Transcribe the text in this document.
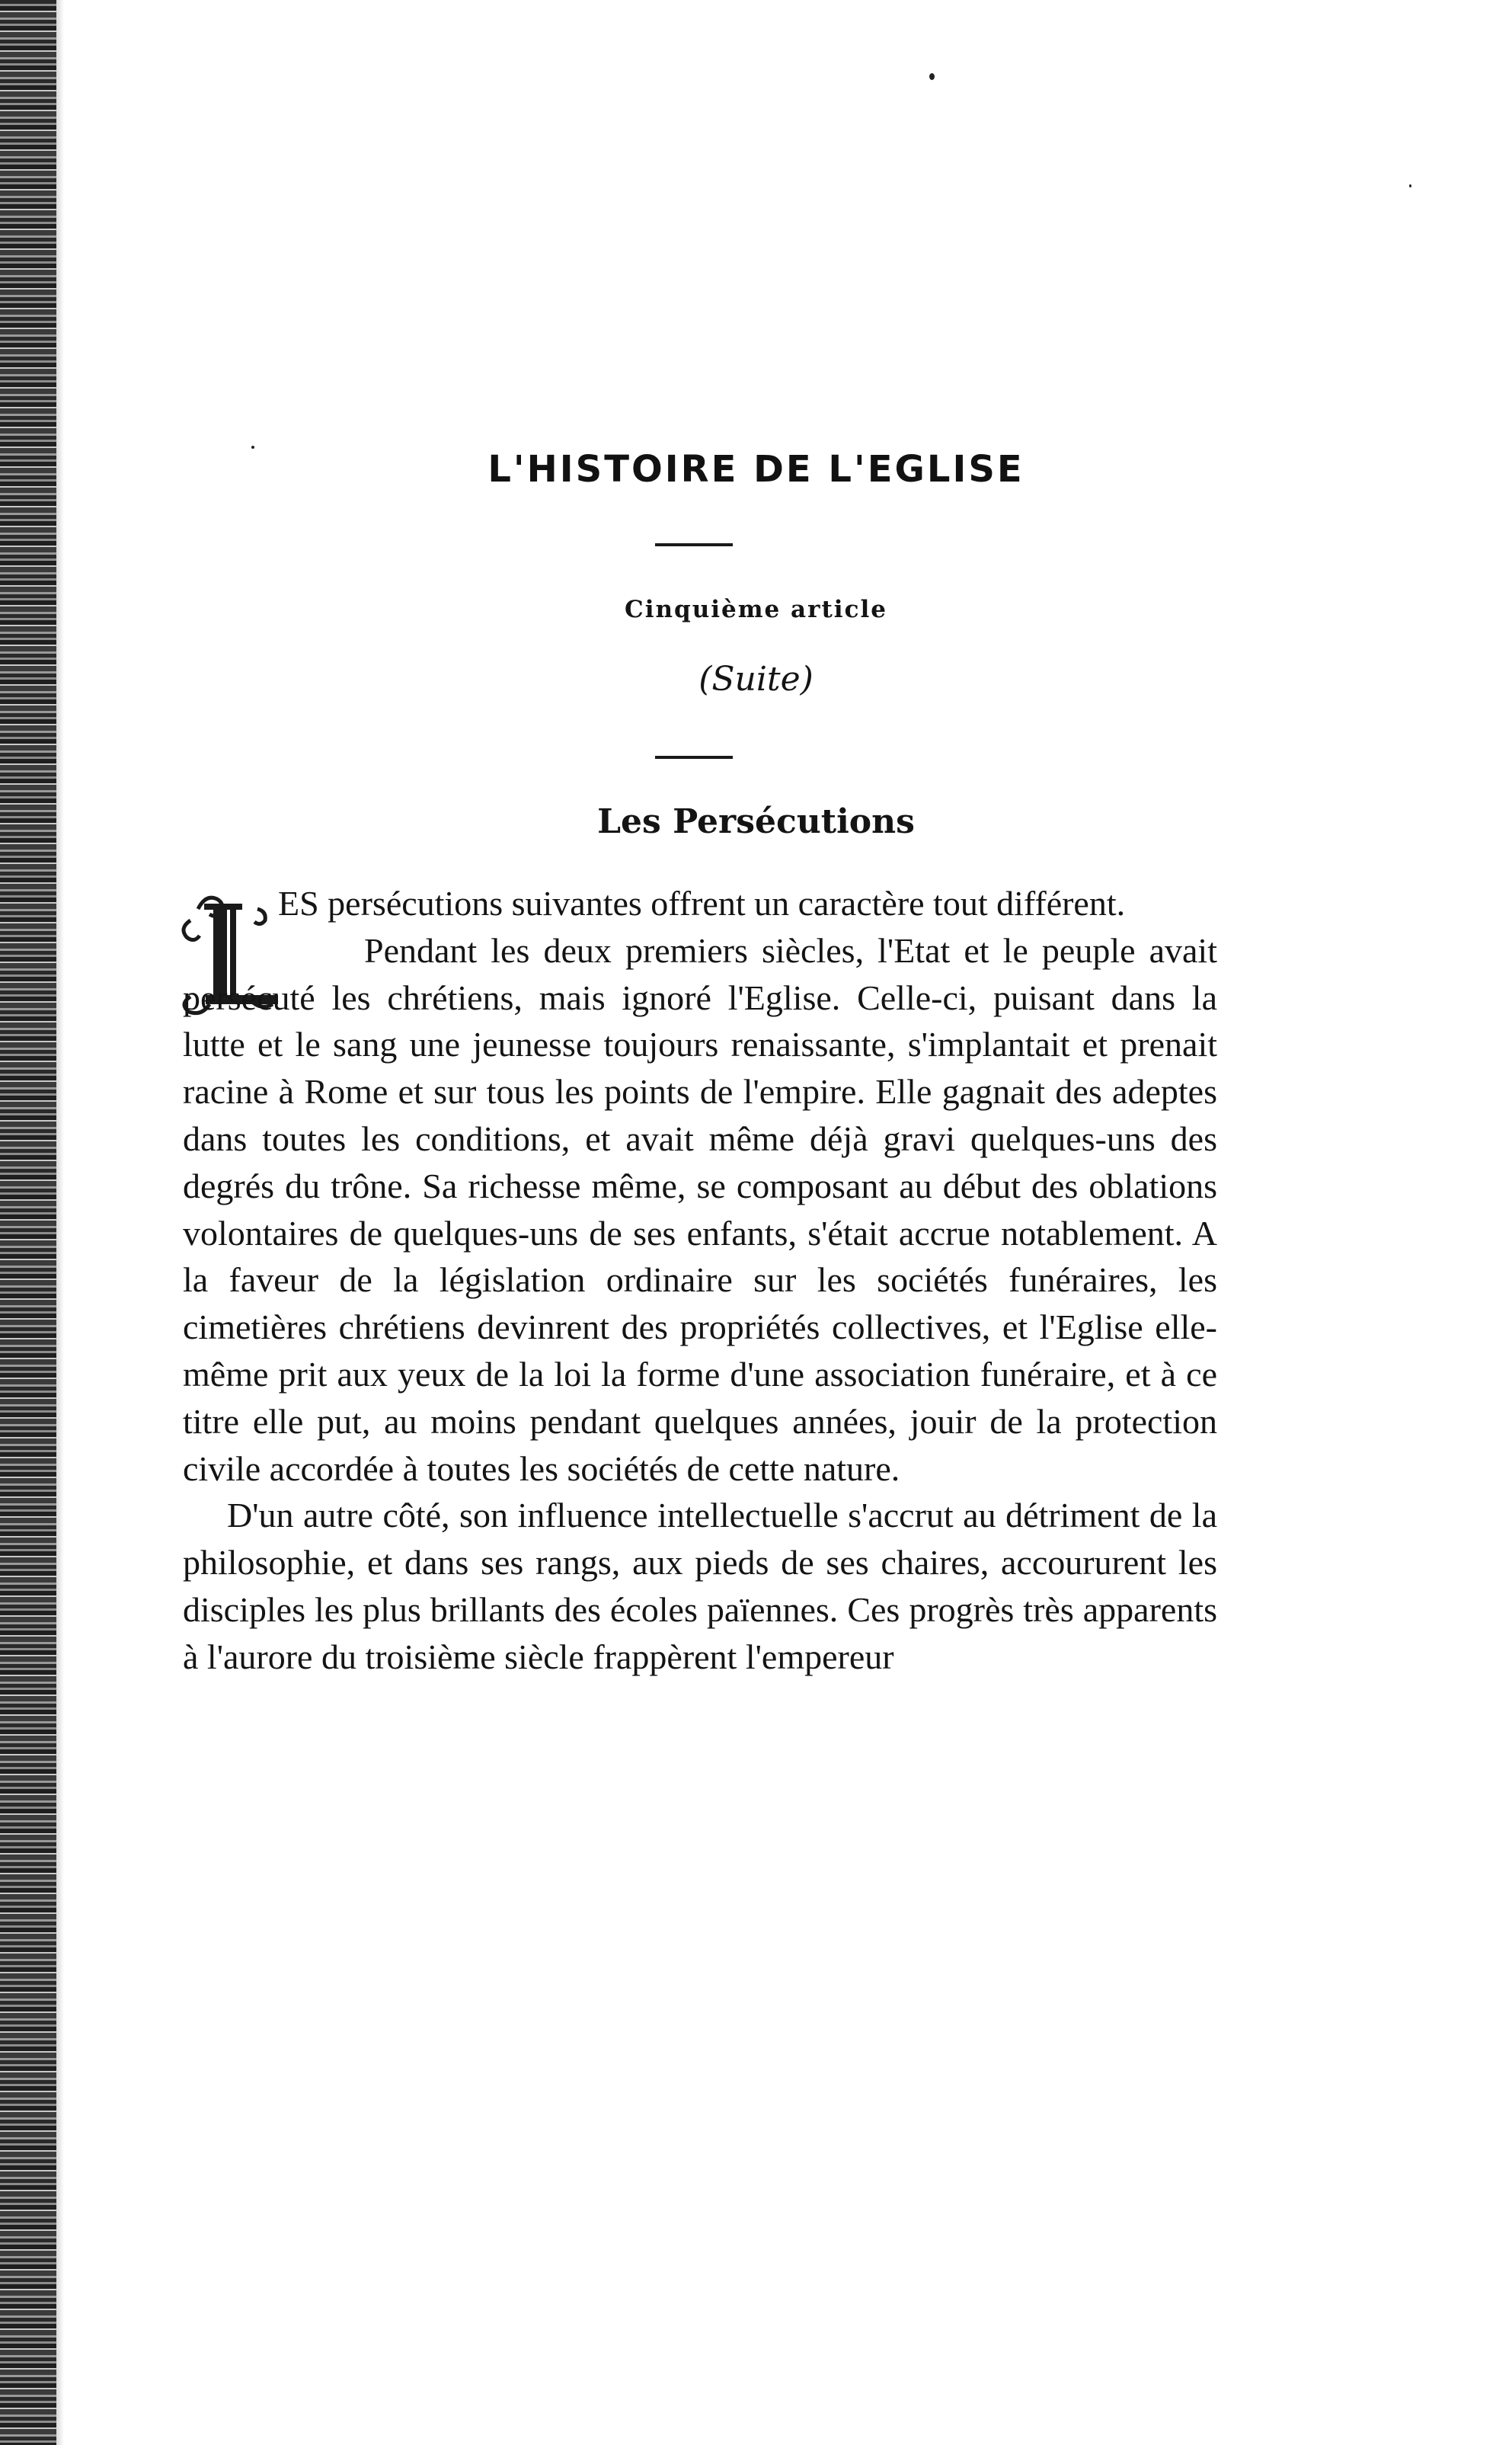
L'HISTOIRE DE L'EGLISE
Cinquième article
(Suite)
Les Persécutions

ES persécutions suivantes offrent un caractère tout différent.

Pendant les deux premiers siècles, l'Etat et le peuple avait persécuté les chrétiens, mais ignoré l'Eglise. Celle-ci, puisant dans la lutte et le sang une jeunesse toujours renaissante, s'implantait et prenait racine à Rome et sur tous les points de l'empire. Elle gagnait des adeptes dans toutes les conditions, et avait même déjà gravi quelques-uns des degrés du trône. Sa richesse même, se composant au début des oblations volontaires de quelques-uns de ses enfants, s'était accrue notablement. A la faveur de la législation ordinaire sur les sociétés funéraires, les cimetières chrétiens devinrent des propriétés collectives, et l'Eglise elle-même prit aux yeux de la loi la forme d'une association funéraire, et à ce titre elle put, au moins pendant quelques années, jouir de la protection civile accordée à toutes les sociétés de cette nature.

D'un autre côté, son influence intellectuelle s'accrut au détriment de la philosophie, et dans ses rangs, aux pieds de ses chaires, accoururent les disciples les plus brillants des écoles païennes. Ces progrès très apparents à l'aurore du troisième siècle frappèrent l'empereur
